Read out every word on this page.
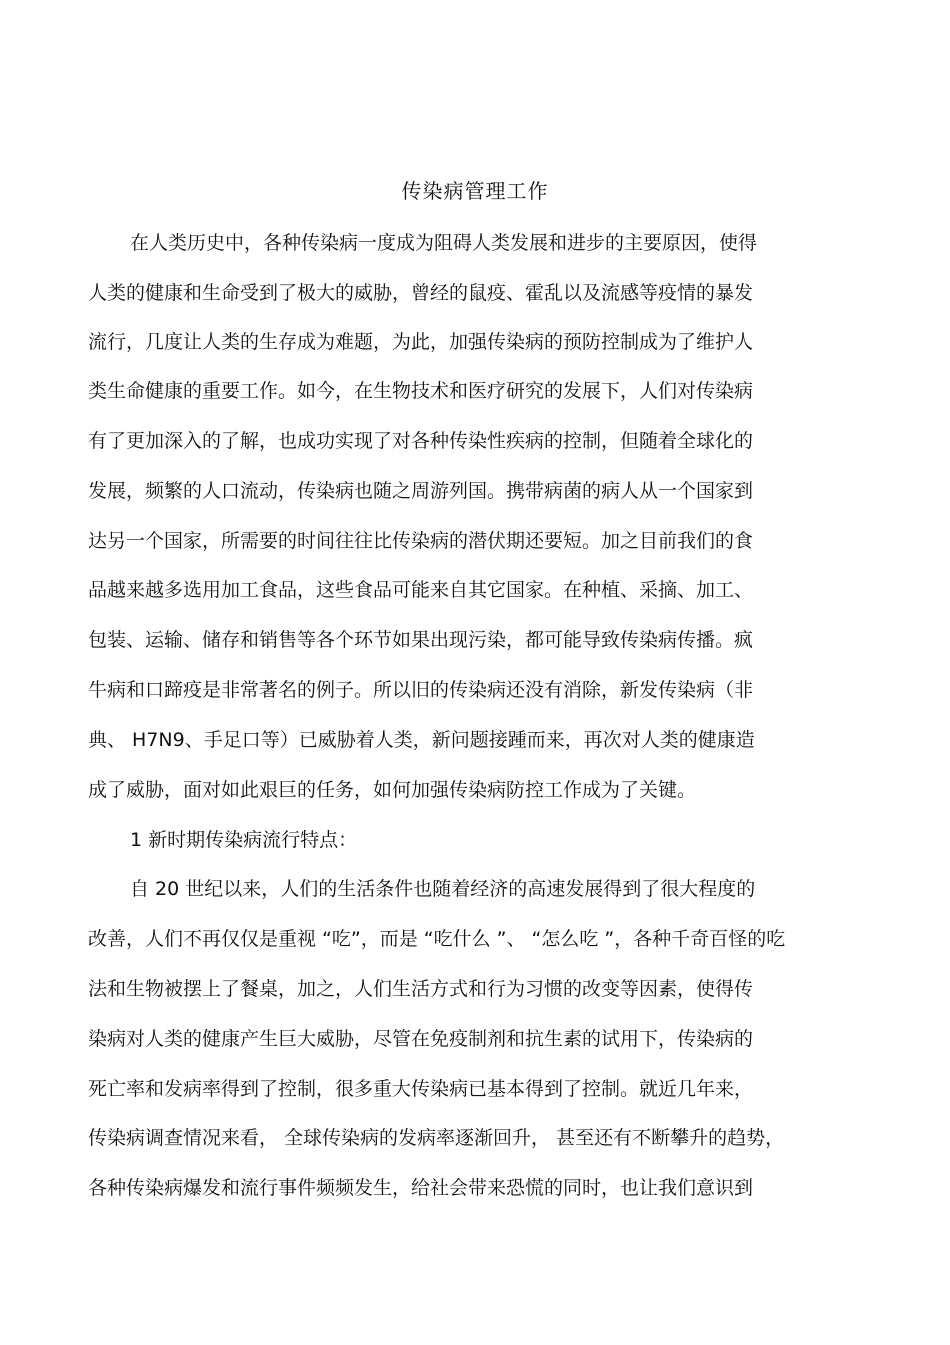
传染病管理工作
在人类历史中，各种传染病一度成为阻碍人类发展和进步的主要原因，使得
人类的健康和生命受到了极大的威胁，曾经的鼠疫、霍乱以及流感等疫情的暴发
流行，几度让人类的生存成为难题，为此，加强传染病的预防控制成为了维护人
类生命健康的重要工作。如今，在生物技术和医疗研究的发展下，人们对传染病
有了更加深入的了解，也成功实现了对各种传染性疾病的控制，但随着全球化的
发展，频繁的人口流动，传染病也随之周游列国。携带病菌的病人从一个国家到
达另一个国家，所需要的时间往往比传染病的潜伏期还要短。加之目前我们的食
品越来越多选用加工食品，这些食品可能来自其它国家。在种植、采摘、加工、
包装、运输、储存和销售等各个环节如果出现污染，都可能导致传染病传播。疯
牛病和口蹄疫是非常著名的例子。所以旧的传染病还没有消除，新发传染病（非
典、 H7N9、手足口等）已威胁着人类，新问题接踵而来，再次对人类的健康造
成了威胁，面对如此艰巨的任务，如何加强传染病防控工作成为了关键。
1 新时期传染病流行特点：
自 20 世纪以来，人们的生活条件也随着经济的高速发展得到了很大程度的
改善，人们不再仅仅是重视 “吃”，而是 “吃什么 ”、 “怎么吃 ”，各种千奇百怪的吃
法和生物被摆上了餐桌，加之，人们生活方式和行为习惯的改变等因素，使得传
染病对人类的健康产生巨大威胁，尽管在免疫制剂和抗生素的试用下，传染病的
死亡率和发病率得到了控制，很多重大传染病已基本得到了控制。就近几年来，
传染病调查情况来看， 全球传染病的发病率逐渐回升， 甚至还有不断攀升的趋势，
各种传染病爆发和流行事件频频发生，给社会带来恐慌的同时，也让我们意识到
